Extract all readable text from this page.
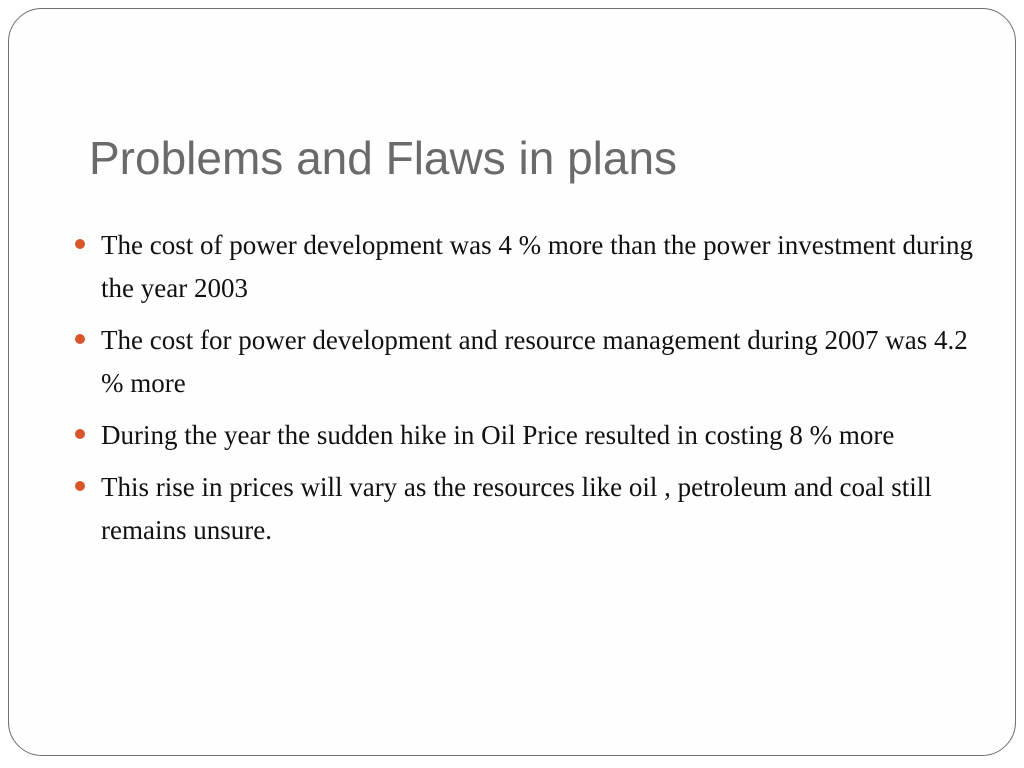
Problems and Flaws in plans
The cost of power development was 4 % more than the power investment during the year 2003
The cost for power development and resource management during 2007 was 4.2 % more
During the year the sudden hike in Oil Price resulted in costing 8 % more
This rise in prices will vary as the resources like oil , petroleum and coal still remains unsure.
